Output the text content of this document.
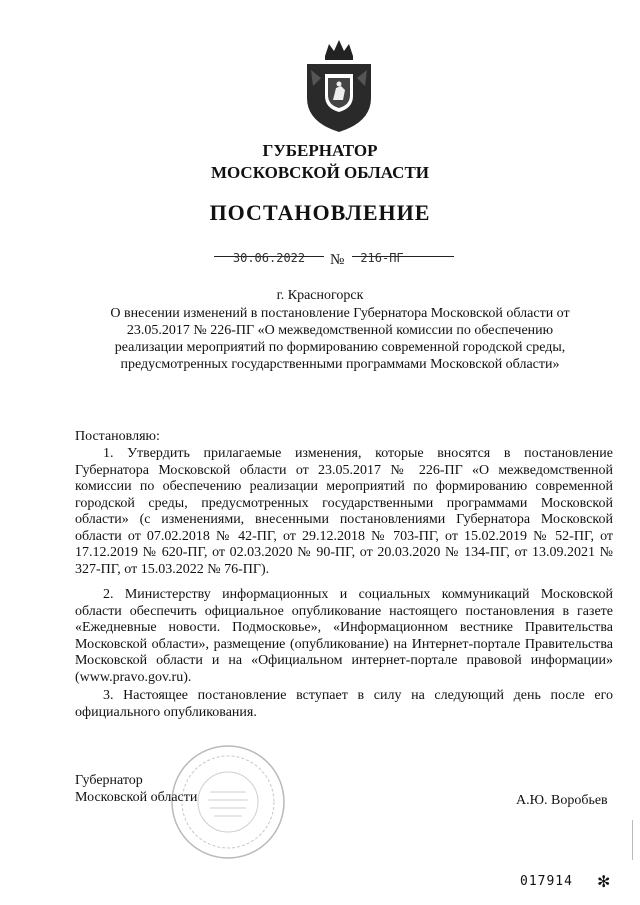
ГУБЕРНАТОР
МОСКОВСКОЙ ОБЛАСТИ
ПОСТАНОВЛЕНИЕ
30.06.2022	№	216-ПГ
г. Красногорск
О внесении изменений в постановление Губернатора Московской области от 23.05.2017 № 226-ПГ «О межведомственной комиссии по обеспечению реализации мероприятий по формированию современной городской среды, предусмотренных государственными программами Московской области»
Постановляю:
1. Утвердить прилагаемые изменения, которые вносятся в постановление Губернатора Московской области от 23.05.2017 № 226-ПГ «О межведомственной комиссии по обеспечению реализации мероприятий по формированию современной городской среды, предусмотренных государственными программами Московской области» (с изменениями, внесенными постановлениями Губернатора Московской области от 07.02.2018 № 42-ПГ, от 29.12.2018 № 703-ПГ, от 15.02.2019 № 52-ПГ, от 17.12.2019 № 620-ПГ, от 02.03.2020 № 90-ПГ, от 20.03.2020 № 134-ПГ, от 13.09.2021 № 327-ПГ, от 15.03.2022 № 76-ПГ).
2. Министерству информационных и социальных коммуникаций Московской области обеспечить официальное опубликование настоящего постановления в газете «Ежедневные новости. Подмосковье», «Информационном вестнике Правительства Московской области», размещение (опубликование) на Интернет-портале Правительства Московской области и на «Официальном интернет-портале правовой информации» (www.pravo.gov.ru).
3. Настоящее постановление вступает в силу на следующий день после его официального опубликования.
Губернатор
Московской области	А.Ю. Воробьев
017914 ✻
